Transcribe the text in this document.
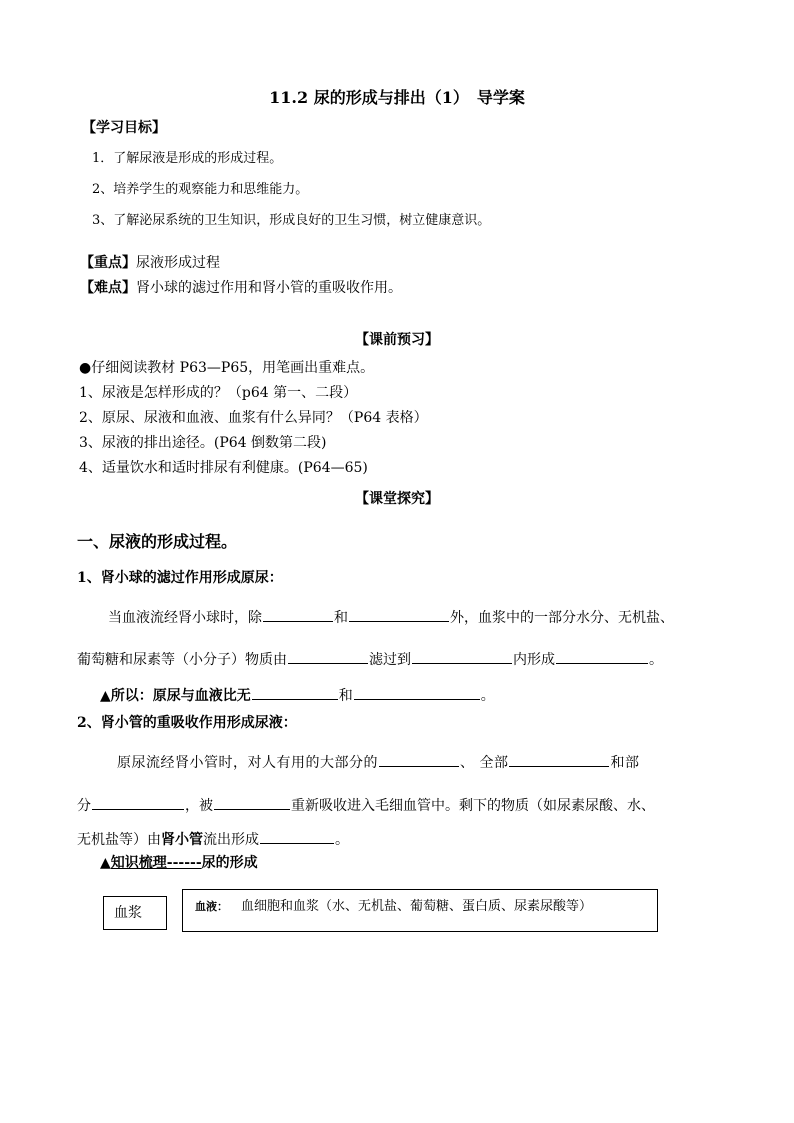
11.2 尿的形成与排出（1）　导学案
【学习目标】
1．了解尿液是形成的形成过程。
2、培养学生的观察能力和思维能力。
3、了解泌尿系统的卫生知识，形成良好的卫生习惯，树立健康意识。
【重点】尿液形成过程
【难点】肾小球的滤过作用和肾小管的重吸收作用。
【课前预习】
●仔细阅读教材 P63—P65，用笔画出重难点。
1、尿液是怎样形成的？（p64 第一、二段）
2、原尿、尿液和血液、血浆有什么异同？（P64 表格）
3、尿液的排出途径。(P64 倒数第二段)
4、适量饮水和适时排尿有利健康。(P64—65)
【课堂探究】
一、尿液的形成过程。
1、肾小球的滤过作用形成原尿：
当血液流经肾小球时，除	和	外，血浆中的一部分水分、无机盐、
葡萄糖和尿素等（小分子）物质由	滤过到	内形成	。
▲所以：原尿与血液比无	和	。
2、肾小管的重吸收作用形成尿液：
原尿流经肾小管时，对人有用的大部分的	、 全部	和部
分	，被	重新吸收进入毛细血管中。剩下的物质（如尿素尿酸、水、
无机盐等）由肾小管流出形成	。
▲知识梳理------尿的形成
血浆	血液： 血细胞和血浆（水、无机盐、葡萄糖、蛋白质、尿素尿酸等）
